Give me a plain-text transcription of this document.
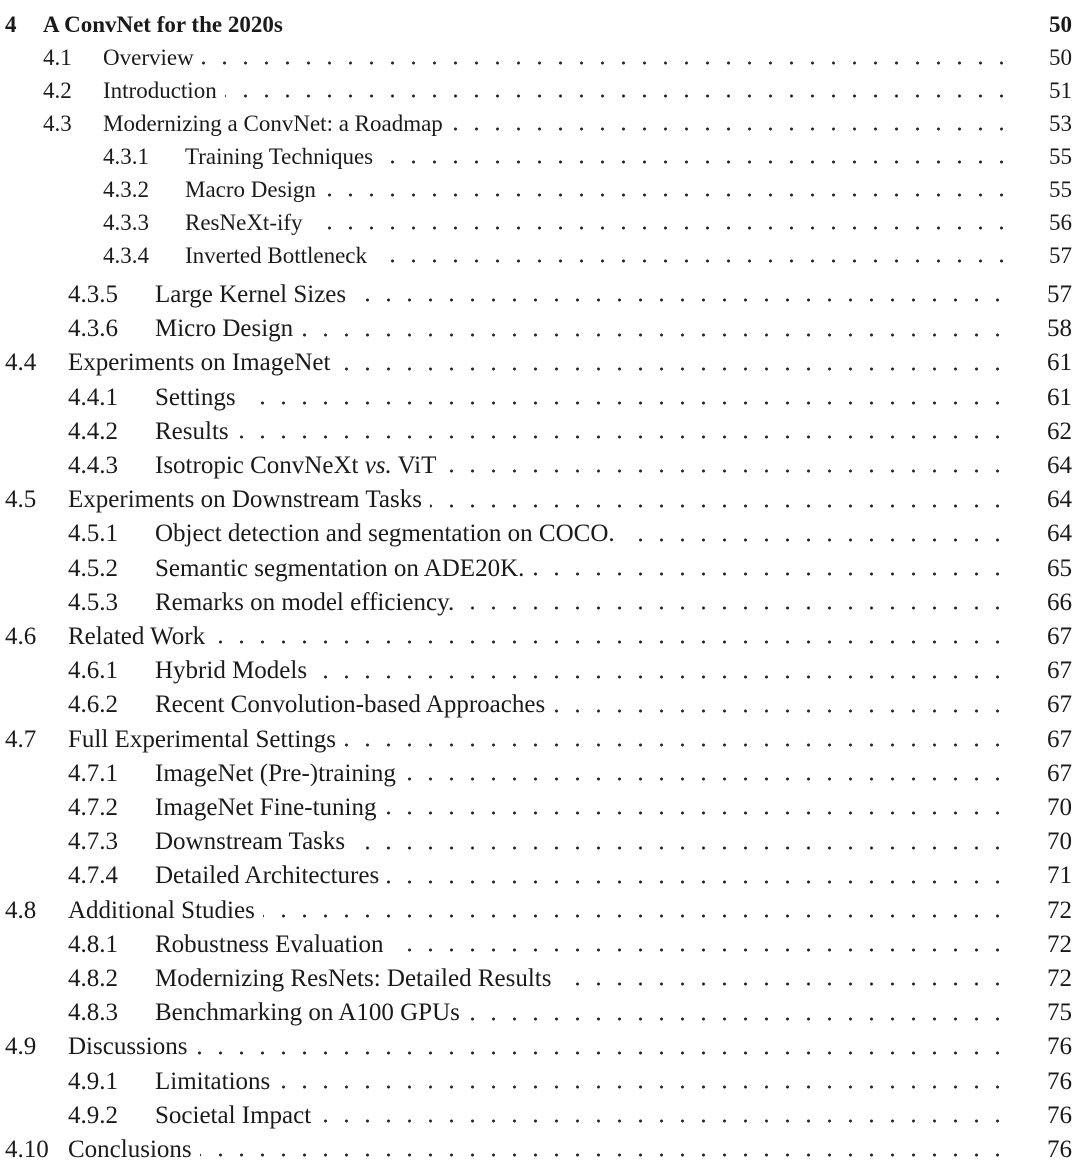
4 A ConvNet for the 2020s	50
4.1 Overview	50
4.2 Introduction	51
4.3 Modernizing a ConvNet: a Roadmap	53
4.3.1 Training Techniques	55
4.3.2 Macro Design	55
4.3.3 ResNeXt-ify	56
4.3.4 Inverted Bottleneck	57
4.3.5 Large Kernel Sizes	57
4.3.6 Micro Design	58
4.4 Experiments on ImageNet	61
4.4.1 Settings	61
4.4.2 Results	62
4.4.3 Isotropic ConvNeXt vs. ViT	64
4.5 Experiments on Downstream Tasks	64
4.5.1 Object detection and segmentation on COCO.	64
4.5.2 Semantic segmentation on ADE20K.	65
4.5.3 Remarks on model efficiency.	66
4.6 Related Work	67
4.6.1 Hybrid Models	67
4.6.2 Recent Convolution-based Approaches	67
4.7 Full Experimental Settings	67
4.7.1 ImageNet (Pre-)training	67
4.7.2 ImageNet Fine-tuning	70
4.7.3 Downstream Tasks	70
4.7.4 Detailed Architectures	71
4.8 Additional Studies	72
4.8.1 Robustness Evaluation	72
4.8.2 Modernizing ResNets: Detailed Results	72
4.8.3 Benchmarking on A100 GPUs	75
4.9 Discussions	76
4.9.1 Limitations	76
4.9.2 Societal Impact	76
4.10 Conclusions	76
